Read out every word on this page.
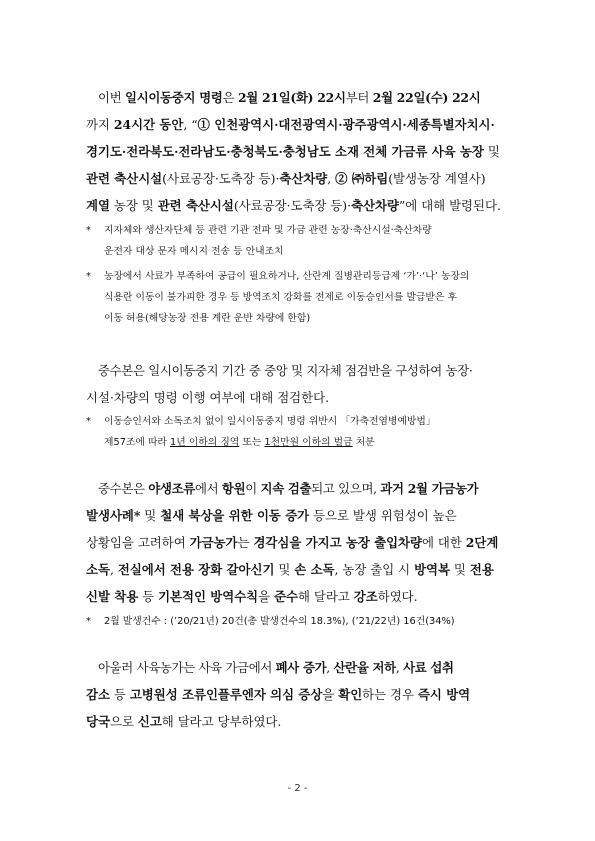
이번 일시이동중지 명령은 2월 21일(화) 22시부터 2월 22일(수) 22시
까지 24시간 동안, “① 인천광역시·대전광역시·광주광역시·세종특별자치시·
경기도·전라북도·전라남도·충청북도·충청남도 소재 전체 가금류 사육 농장 및
관련 축산시설(사료공장·도축장 등)·축산차량, ② ㈜하림(발생농장 계열사)
계열 농장 및 관련 축산시설(사료공장·도축장 등)·축산차량”에 대해 발령된다.
* 지자체와 생산자단체 등 관련 기관 전파 및 가금 관련 농장·축산시설·축산차량
운전자 대상 문자 메시지 전송 등 안내조치
* 농장에서 사료가 부족하여 공급이 필요하거나, 산란계 질병관리등급제 ‘가’·‘나’ 농장의
식용란 이동이 불가피한 경우 등 방역조치 강화를 전제로 이동승인서를 발급받은 후
이동 허용(해당농장 전용 계란 운반 차량에 한함)
중수본은 일시이동중지 기간 중 중앙 및 지자체 점검반을 구성하여 농장·
시설·차량의 명령 이행 여부에 대해 점검한다.
* 이동승인서와 소독조치 없이 일시이동중지 명령 위반시 「가축전염병예방법」
제57조에 따라 1년 이하의 징역 또는 1천만원 이하의 벌금 처분
중수본은 야생조류에서 항원이 지속 검출되고 있으며, 과거 2월 가금농가
발생사례* 및 철새 북상을 위한 이동 증가 등으로 발생 위험성이 높은
상황임을 고려하여 가금농가는 경각심을 가지고 농장 출입차량에 대한 2단계
소독, 전실에서 전용 장화 갈아신기 및 손 소독, 농장 출입 시 방역복 및 전용
신발 착용 등 기본적인 방역수칙을 준수해 달라고 강조하였다.
* 2월 발생건수 : (’20/21년) 20건(총 발생건수의 18.3%), (’21/22년) 16건(34%)
아울러 사육농가는 사육 가금에서 폐사 증가, 산란율 저하, 사료 섭취
감소 등 고병원성 조류인플루엔자 의심 증상을 확인하는 경우 즉시 방역
당국으로 신고해 달라고 당부하였다.
- 2 -
